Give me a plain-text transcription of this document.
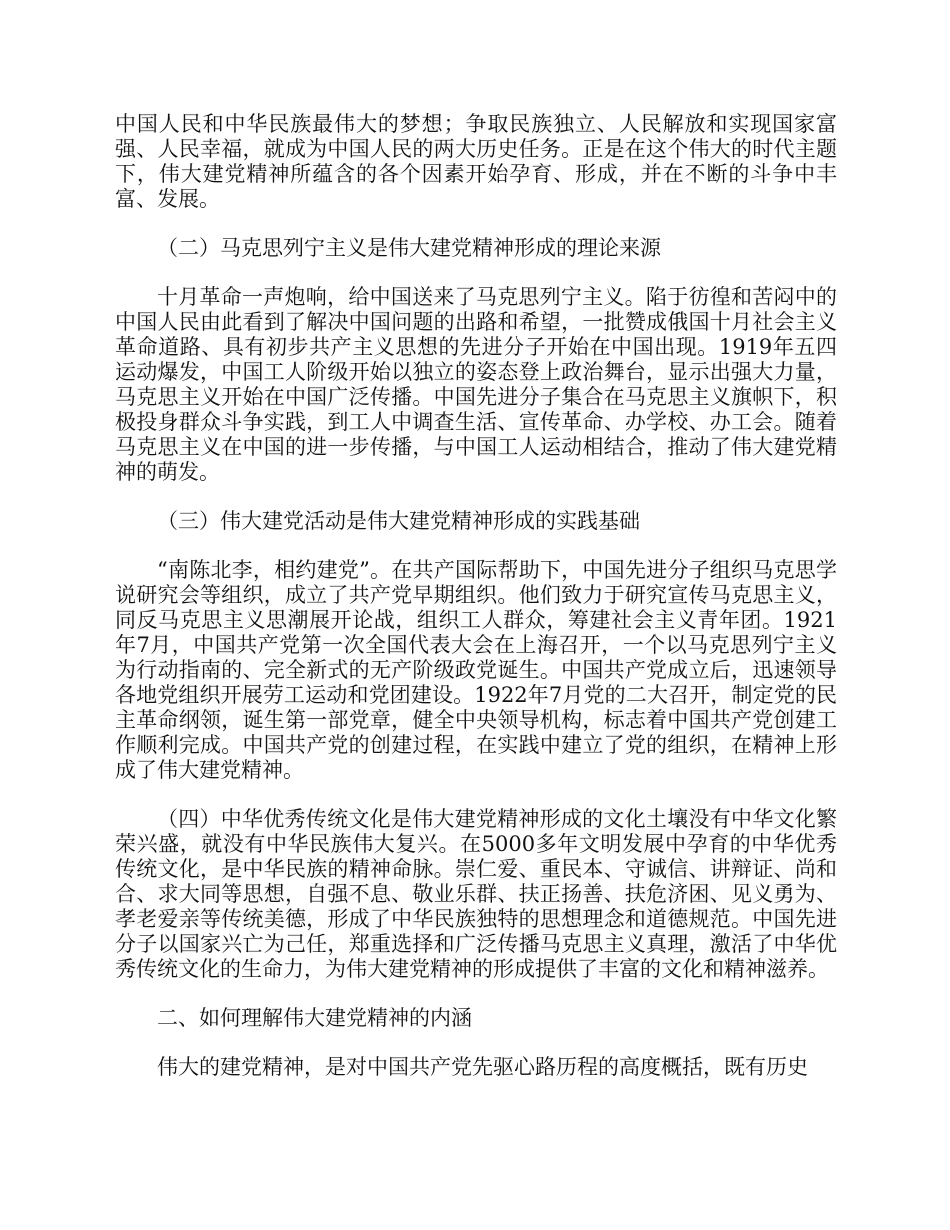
中国人民和中华民族最伟大的梦想；争取民族独立、人民解放和实现国家富强、人民幸福，就成为中国人民的两大历史任务。正是在这个伟大的时代主题下，伟大建党精神所蕴含的各个因素开始孕育、形成，并在不断的斗争中丰富、发展。

（二）马克思列宁主义是伟大建党精神形成的理论来源

十月革命一声炮响，给中国送来了马克思列宁主义。陷于彷徨和苦闷中的中国人民由此看到了解决中国问题的出路和希望，一批赞成俄国十月社会主义革命道路、具有初步共产主义思想的先进分子开始在中国出现。1919年五四运动爆发，中国工人阶级开始以独立的姿态登上政治舞台，显示出强大力量，马克思主义开始在中国广泛传播。中国先进分子集合在马克思主义旗帜下，积极投身群众斗争实践，到工人中调查生活、宣传革命、办学校、办工会。随着马克思主义在中国的进一步传播，与中国工人运动相结合，推动了伟大建党精神的萌发。

（三）伟大建党活动是伟大建党精神形成的实践基础

“南陈北李，相约建党”。在共产国际帮助下，中国先进分子组织马克思学说研究会等组织，成立了共产党早期组织。他们致力于研究宣传马克思主义，同反马克思主义思潮展开论战，组织工人群众，筹建社会主义青年团。1921年7月，中国共产党第一次全国代表大会在上海召开，一个以马克思列宁主义为行动指南的、完全新式的无产阶级政党诞生。中国共产党成立后，迅速领导各地党组织开展劳工运动和党团建设。1922年7月党的二大召开，制定党的民主革命纲领，诞生第一部党章，健全中央领导机构，标志着中国共产党创建工作顺利完成。中国共产党的创建过程，在实践中建立了党的组织，在精神上形成了伟大建党精神。

（四）中华优秀传统文化是伟大建党精神形成的文化土壤没有中华文化繁荣兴盛，就没有中华民族伟大复兴。在5000多年文明发展中孕育的中华优秀传统文化，是中华民族的精神命脉。崇仁爱、重民本、守诚信、讲辩证、尚和合、求大同等思想，自强不息、敬业乐群、扶正扬善、扶危济困、见义勇为、孝老爱亲等传统美德，形成了中华民族独特的思想理念和道德规范。中国先进分子以国家兴亡为己任，郑重选择和广泛传播马克思主义真理，激活了中华优秀传统文化的生命力，为伟大建党精神的形成提供了丰富的文化和精神滋养。

二、如何理解伟大建党精神的内涵

伟大的建党精神，是对中国共产党先驱心路历程的高度概括，既有历史
